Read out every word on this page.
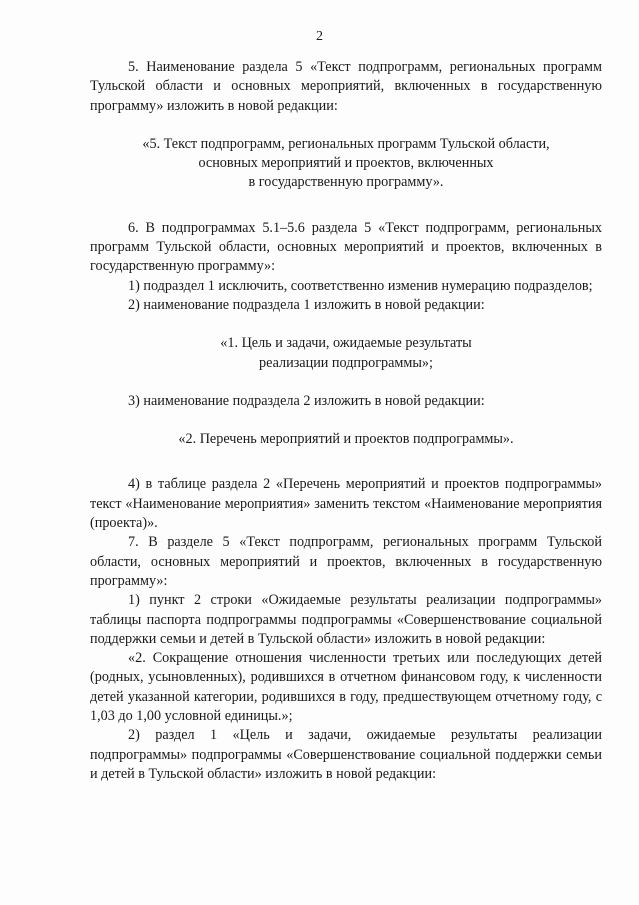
2

5. Наименование раздела 5 «Текст подпрограмм, региональных программ Тульской области и основных мероприятий, включенных в государственную программу» изложить в новой редакции:

«5. Текст подпрограмм, региональных программ Тульской области,
основных мероприятий и проектов, включенных
в государственную программу».

6. В подпрограммах 5.1–5.6 раздела 5 «Текст подпрограмм, региональных программ Тульской области, основных мероприятий и проектов, включенных в государственную программу»:

1) подраздел 1 исключить, соответственно изменив нумерацию подразделов;

2) наименование подраздела 1 изложить в новой редакции:

«1. Цель и задачи, ожидаемые результаты
реализации подпрограммы»;

3) наименование подраздела 2 изложить в новой редакции:

«2. Перечень мероприятий и проектов подпрограммы».

4) в таблице раздела 2 «Перечень мероприятий и проектов подпрограммы» текст «Наименование мероприятия» заменить текстом «Наименование мероприятия (проекта)».

7. В разделе 5 «Текст подпрограмм, региональных программ Тульской области, основных мероприятий и проектов, включенных в государственную программу»:

1) пункт 2 строки «Ожидаемые результаты реализации подпрограммы» таблицы паспорта подпрограммы подпрограммы «Совершенствование социальной поддержки семьи и детей в Тульской области» изложить в новой редакции:

«2. Сокращение отношения численности третьих или последующих детей (родных, усыновленных), родившихся в отчетном финансовом году, к численности детей указанной категории, родившихся в году, предшествующем отчетному году, с 1,03 до 1,00 условной единицы.»;

2) раздел 1 «Цель и задачи, ожидаемые результаты реализации подпрограммы» подпрограммы «Совершенствование социальной поддержки семьи и детей в Тульской области» изложить в новой редакции:
